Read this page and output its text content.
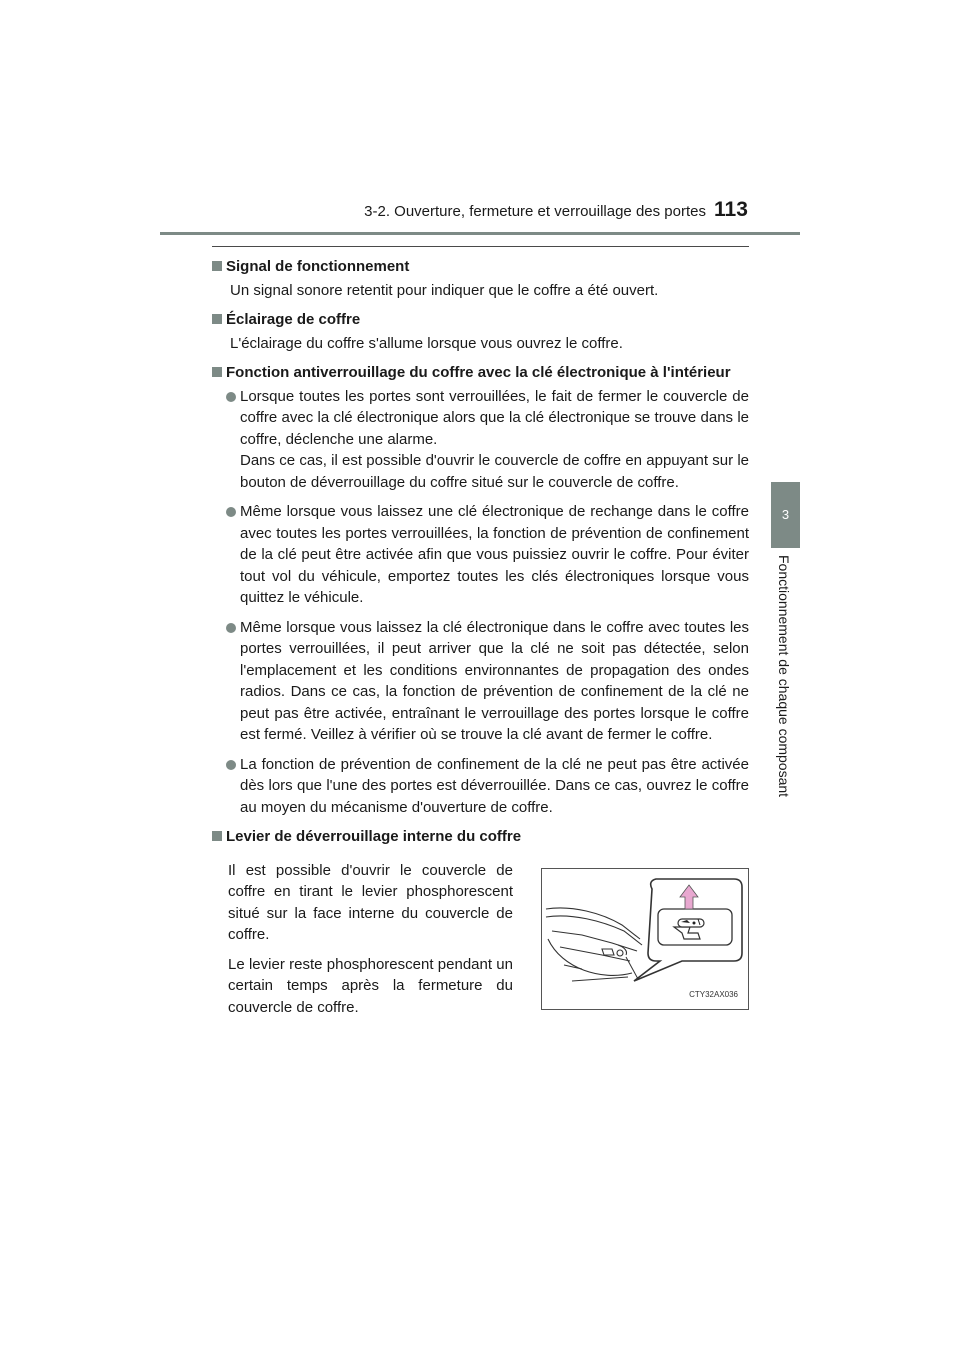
3-2. Ouverture, fermeture et verrouillage des portes 113
3
Fonctionnement de chaque composant

Signal de fonctionnement

Un signal sonore retentit pour indiquer que le coffre a été ouvert.

Éclairage de coffre

L'éclairage du coffre s'allume lorsque vous ouvrez le coffre.

Fonction antiverrouillage du coffre avec la clé électronique à l'intérieur

Lorsque toutes les portes sont verrouillées, le fait de fermer le couvercle de coffre avec la clé électronique alors que la clé électronique se trouve dans le coffre, déclenche une alarme.

Dans ce cas, il est possible d'ouvrir le couvercle de coffre en appuyant sur le bouton de déverrouillage du coffre situé sur le couvercle de coffre.

Même lorsque vous laissez une clé électronique de rechange dans le coffre avec toutes les portes verrouillées, la fonction de prévention de confinement de la clé peut être activée afin que vous puissiez ouvrir le coffre. Pour éviter tout vol du véhicule, emportez toutes les clés électroniques lorsque vous quittez le véhicule.

Même lorsque vous laissez la clé électronique dans le coffre avec toutes les portes verrouillées, il peut arriver que la clé ne soit pas détectée, selon l'emplacement et les conditions environnantes de propagation des ondes radios. Dans ce cas, la fonction de prévention de confinement de la clé ne peut pas être activée, entraînant le verrouillage des portes lorsque le coffre est fermé. Veillez à vérifier où se trouve la clé avant de fermer le coffre.

La fonction de prévention de confinement de la clé ne peut pas être activée dès lors que l'une des portes est déverrouillée. Dans ce cas, ouvrez le coffre au moyen du mécanisme d'ouverture de coffre.

Levier de déverrouillage interne du coffre

Il est possible d'ouvrir le couvercle de coffre en tirant le levier phosphorescent situé sur la face interne du couvercle de coffre.

Le levier reste phosphorescent pendant un certain temps après la fermeture du couvercle de coffre.

CTY32AX036
